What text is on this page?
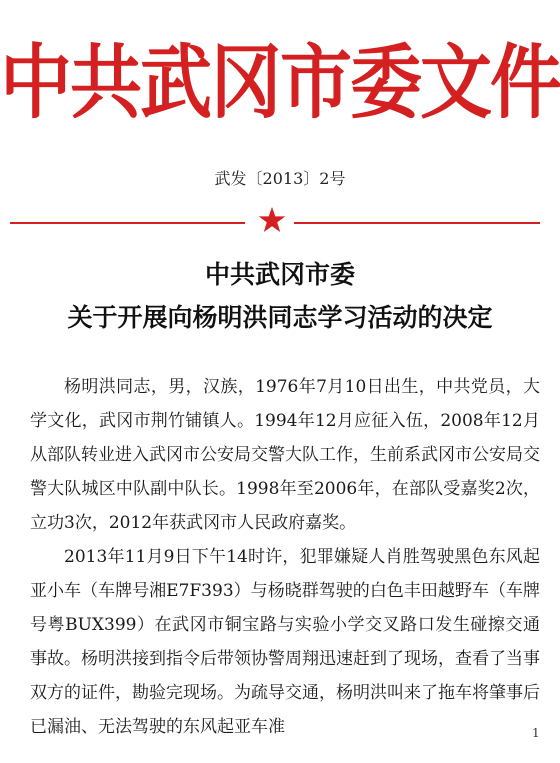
中共武冈市委文件
武发〔2013〕2号
中共武冈市委
关于开展向杨明洪同志学习活动的决定

杨明洪同志，男，汉族，1976年7月10日出生，中共党员，大学文化，武冈市荆竹铺镇人。1994年12月应征入伍，2008年12月从部队转业进入武冈市公安局交警大队工作，生前系武冈市公安局交警大队城区中队副中队长。1998年至2006年，在部队受嘉奖2次，立功3次，2012年获武冈市人民政府嘉奖。

2013年11月9日下午14时许，犯罪嫌疑人肖胜驾驶黑色东风起亚小车（车牌号湘E7F393）与杨晓群驾驶的白色丰田越野车（车牌号粤BUX399）在武冈市铜宝路与实验小学交叉路口发生碰擦交通事故。杨明洪接到指令后带领协警周翔迅速赶到了现场，查看了当事双方的证件，勘验完现场。为疏导交通，杨明洪叫来了拖车将肇事后已漏油、无法驾驶的东风起亚车准	1
